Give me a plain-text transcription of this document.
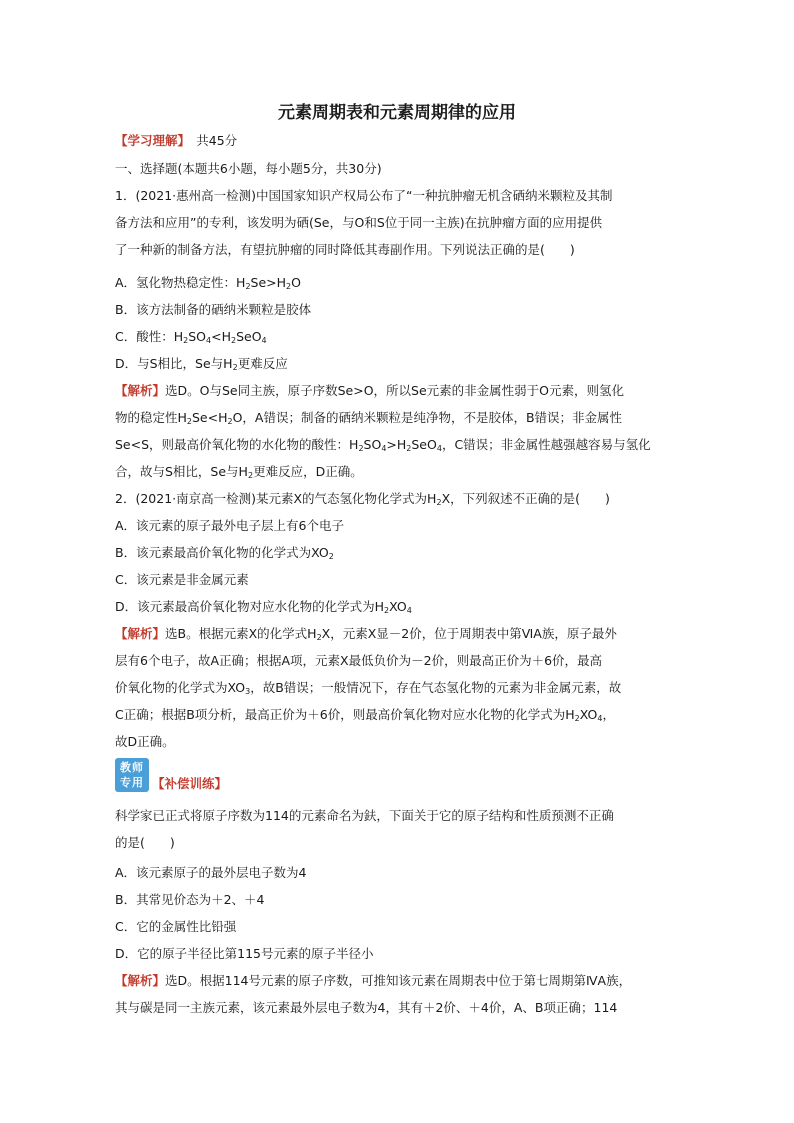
元素周期表和元素周期律的应用
【学习理解】　共45分
一、选择题(本题共6小题，每小题5分，共30分)
1．(2021·惠州高一检测)中国国家知识产权局公布了“一种抗肿瘤无机含硒纳米颗粒及其制
备方法和应用”的专利，该发明为硒(Se，与O和S位于同一主族)在抗肿瘤方面的应用提供
了一种新的制备方法，有望抗肿瘤的同时降低其毒副作用。下列说法正确的是(　　)
A．氢化物热稳定性：$H_2Se>H_2O$
B．该方法制备的硒纳米颗粒是胶体
C．酸性：$H_2SO_4<H_2SeO_4$
D．与S相比，Se与$H_2$更难反应
【解析】选D。O与Se同主族，原子序数Se>O，所以Se元素的非金属性弱于O元素，则氢化
物的稳定性$H_2Se<H_2O$，A错误；制备的硒纳米颗粒是纯净物，不是胶体，B错误；非金属性
Se<S，则最高价氧化物的水化物的酸性：$H_2SO_4>H_2SeO_4$，C错误；非金属性越强越容易与氢化
合，故与S相比，Se与$H_2$更难反应，D正确。
2．(2021·南京高一检测)某元素X的气态氢化物化学式为$H_2X$，下列叙述不正确的是(　　)
A．该元素的原子最外电子层上有6个电子
B．该元素最高价氧化物的化学式为$XO_2$
C．该元素是非金属元素
D．该元素最高价氧化物对应水化物的化学式为$H_2XO_4$
【解析】选B。根据元素X的化学式$H_2X$，元素X显－2价，位于周期表中第ⅥA族，原子最外
层有6个电子，故A正确；根据A项，元素X最低负价为－2价，则最高正价为＋6价，最高
价氧化物的化学式为$XO_3$，故B错误；一般情况下，存在气态氢化物的元素为非金属元素，故
C正确；根据B项分析，最高正价为＋6价，则最高价氧化物对应水化物的化学式为$H_2XO_4$，
故D正确。
教师
专用 【补偿训练】
科学家已正式将原子序数为114的元素命名为鈇，下面关于它的原子结构和性质预测不正确
的是(　　)
A．该元素原子的最外层电子数为4
B．其常见价态为＋2、＋4
C．它的金属性比铅强
D．它的原子半径比第115号元素的原子半径小
【解析】选D。根据114号元素的原子序数，可推知该元素在周期表中位于第七周期第ⅣA族，
其与碳是同一主族元素，该元素最外层电子数为4，其有＋2价、＋4价，A、B项正确；114
